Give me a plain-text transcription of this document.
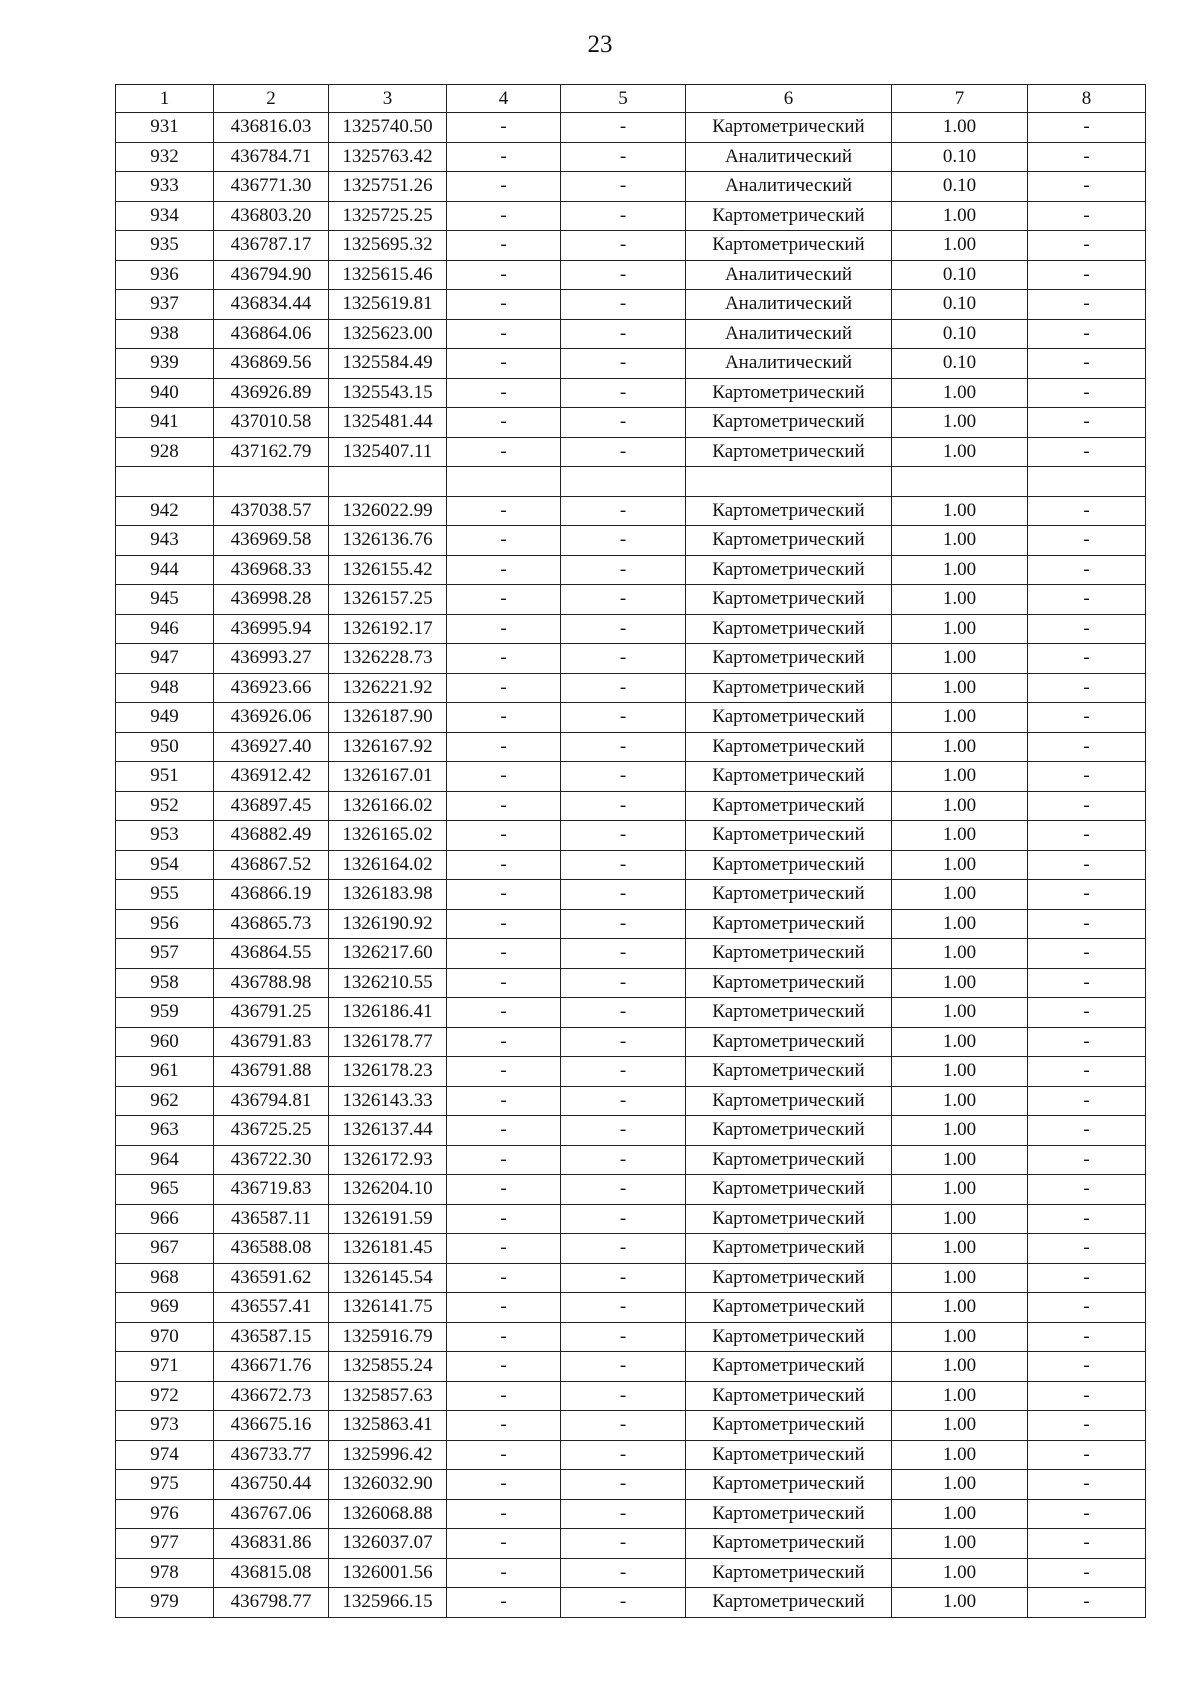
23
1	2	3	4	5	6	7	8
931	436816.03	1325740.50	-	-	Картометрический	1.00	-
932	436784.71	1325763.42	-	-	Аналитический	0.10	-
933	436771.30	1325751.26	-	-	Аналитический	0.10	-
934	436803.20	1325725.25	-	-	Картометрический	1.00	-
935	436787.17	1325695.32	-	-	Картометрический	1.00	-
936	436794.90	1325615.46	-	-	Аналитический	0.10	-
937	436834.44	1325619.81	-	-	Аналитический	0.10	-
938	436864.06	1325623.00	-	-	Аналитический	0.10	-
939	436869.56	1325584.49	-	-	Аналитический	0.10	-
940	436926.89	1325543.15	-	-	Картометрический	1.00	-
941	437010.58	1325481.44	-	-	Картометрический	1.00	-
928	437162.79	1325407.11	-	-	Картометрический	1.00	-

942	437038.57	1326022.99	-	-	Картометрический	1.00	-
943	436969.58	1326136.76	-	-	Картометрический	1.00	-
944	436968.33	1326155.42	-	-	Картометрический	1.00	-
945	436998.28	1326157.25	-	-	Картометрический	1.00	-
946	436995.94	1326192.17	-	-	Картометрический	1.00	-
947	436993.27	1326228.73	-	-	Картометрический	1.00	-
948	436923.66	1326221.92	-	-	Картометрический	1.00	-
949	436926.06	1326187.90	-	-	Картометрический	1.00	-
950	436927.40	1326167.92	-	-	Картометрический	1.00	-
951	436912.42	1326167.01	-	-	Картометрический	1.00	-
952	436897.45	1326166.02	-	-	Картометрический	1.00	-
953	436882.49	1326165.02	-	-	Картометрический	1.00	-
954	436867.52	1326164.02	-	-	Картометрический	1.00	-
955	436866.19	1326183.98	-	-	Картометрический	1.00	-
956	436865.73	1326190.92	-	-	Картометрический	1.00	-
957	436864.55	1326217.60	-	-	Картометрический	1.00	-
958	436788.98	1326210.55	-	-	Картометрический	1.00	-
959	436791.25	1326186.41	-	-	Картометрический	1.00	-
960	436791.83	1326178.77	-	-	Картометрический	1.00	-
961	436791.88	1326178.23	-	-	Картометрический	1.00	-
962	436794.81	1326143.33	-	-	Картометрический	1.00	-
963	436725.25	1326137.44	-	-	Картометрический	1.00	-
964	436722.30	1326172.93	-	-	Картометрический	1.00	-
965	436719.83	1326204.10	-	-	Картометрический	1.00	-
966	436587.11	1326191.59	-	-	Картометрический	1.00	-
967	436588.08	1326181.45	-	-	Картометрический	1.00	-
968	436591.62	1326145.54	-	-	Картометрический	1.00	-
969	436557.41	1326141.75	-	-	Картометрический	1.00	-
970	436587.15	1325916.79	-	-	Картометрический	1.00	-
971	436671.76	1325855.24	-	-	Картометрический	1.00	-
972	436672.73	1325857.63	-	-	Картометрический	1.00	-
973	436675.16	1325863.41	-	-	Картометрический	1.00	-
974	436733.77	1325996.42	-	-	Картометрический	1.00	-
975	436750.44	1326032.90	-	-	Картометрический	1.00	-
976	436767.06	1326068.88	-	-	Картометрический	1.00	-
977	436831.86	1326037.07	-	-	Картометрический	1.00	-
978	436815.08	1326001.56	-	-	Картометрический	1.00	-
979	436798.77	1325966.15	-	-	Картометрический	1.00	-
